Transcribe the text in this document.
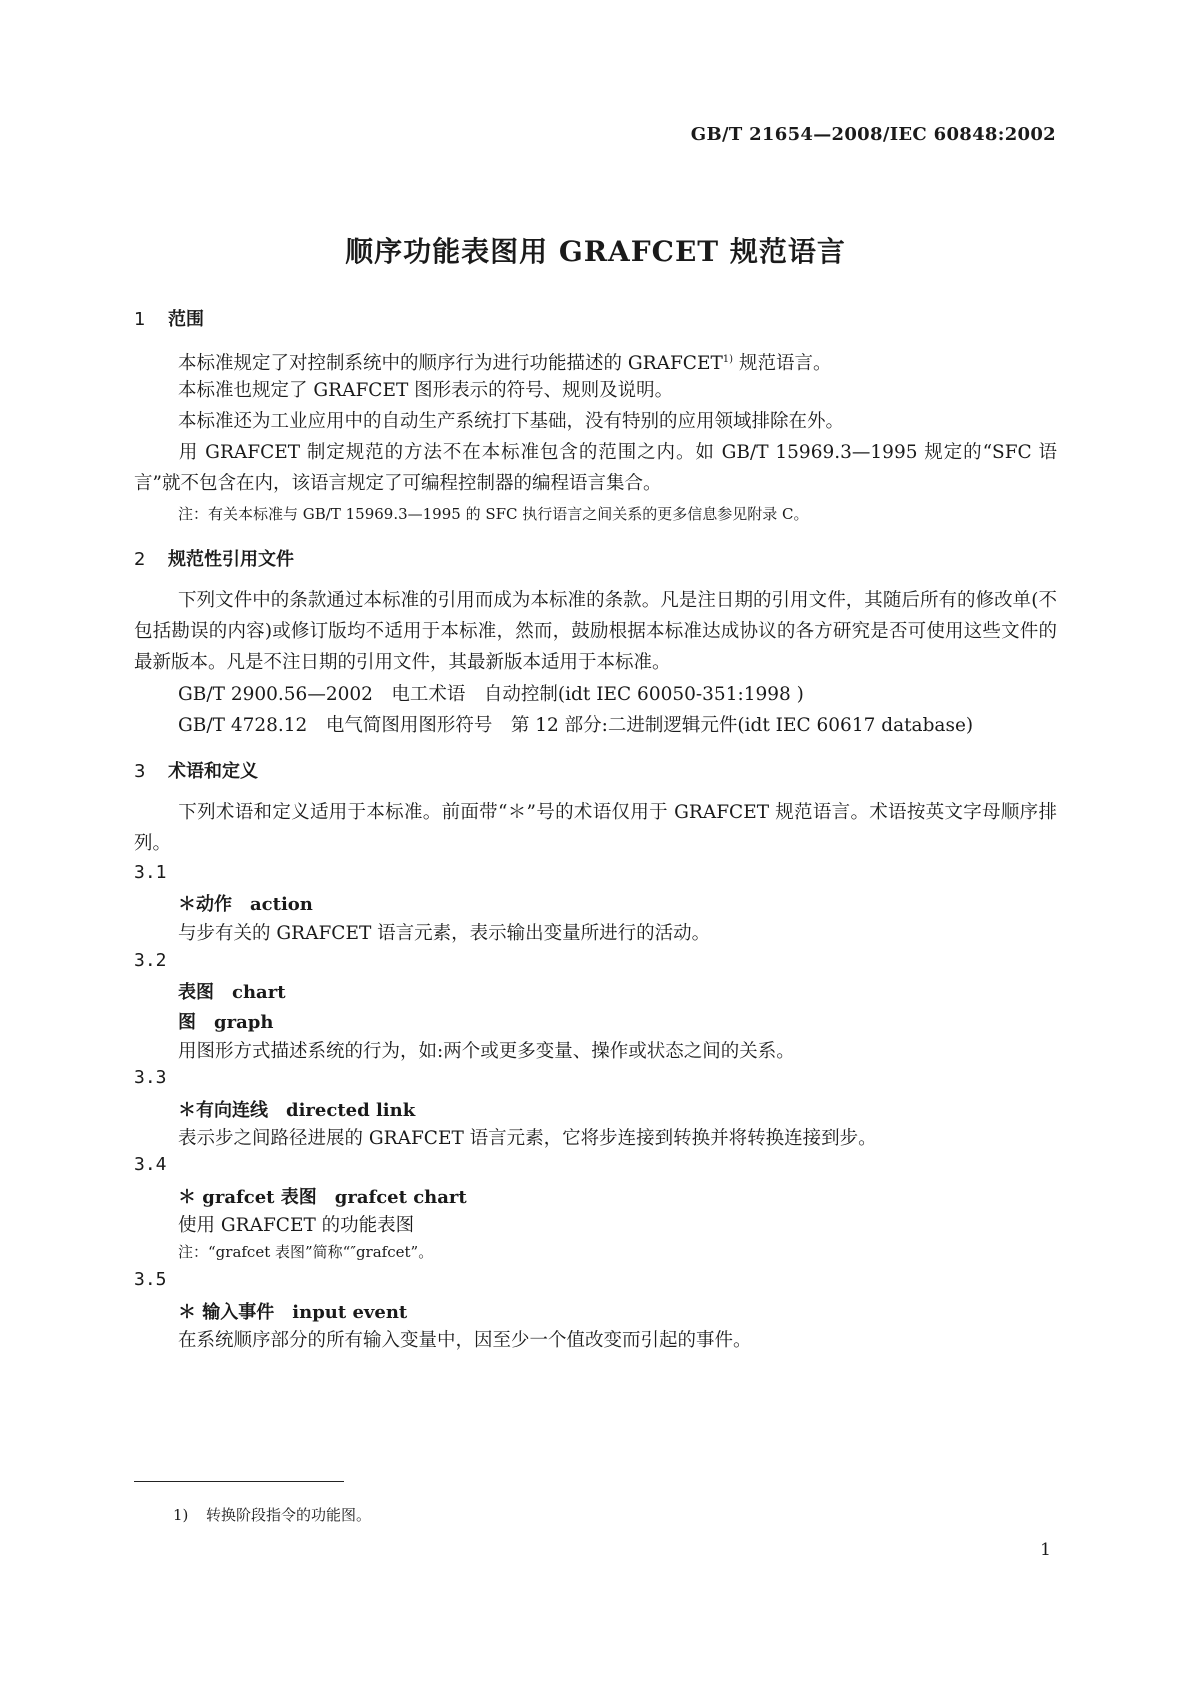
GB/T 21654—2008/IEC 60848:2002
顺序功能表图用 GRAFCET 规范语言
1 范围
本标准规定了对控制系统中的顺序行为进行功能描述的 GRAFCET$^{1)}$ 规范语言。
本标准也规定了 GRAFCET 图形表示的符号、规则及说明。
本标准还为工业应用中的自动生产系统打下基础，没有特别的应用领域排除在外。
用 GRAFCET 制定规范的方法不在本标准包含的范围之内。如 GB/T 15969.3—1995 规定的“SFC 语言”就不包含在内，该语言规定了可编程控制器的编程语言集合。
注：有关本标准与 GB/T 15969.3—1995 的 SFC 执行语言之间关系的更多信息参见附录 C。
2 规范性引用文件
下列文件中的条款通过本标准的引用而成为本标准的条款。凡是注日期的引用文件，其随后所有的修改单(不包括勘误的内容)或修订版均不适用于本标准，然而，鼓励根据本标准达成协议的各方研究是否可使用这些文件的最新版本。凡是不注日期的引用文件，其最新版本适用于本标准。
GB/T 2900.56—2002　电工术语　自动控制(idt IEC 60050-351:1998 )
GB/T 4728.12　电气简图用图形符号　第 12 部分:二进制逻辑元件(idt IEC 60617 database)
3 术语和定义
下列术语和定义适用于本标准。前面带“＊”号的术语仅用于 GRAFCET 规范语言。术语按英文字母顺序排列。
3.1
＊动作 action
与步有关的 GRAFCET 语言元素，表示输出变量所进行的活动。
3.2
表图 chart
图 graph
用图形方式描述系统的行为，如:两个或更多变量、操作或状态之间的关系。
3.3
＊有向连线 directed link
表示步之间路径进展的 GRAFCET 语言元素，它将步连接到转换并将转换连接到步。
3.4
＊ grafcet 表图 grafcet chart
使用 GRAFCET 的功能表图
注：“grafcet 表图”简称“″grafcet”。
3.5
＊ 输入事件 input event
在系统顺序部分的所有输入变量中，因至少一个值改变而引起的事件。
1) 转换阶段指令的功能图。
1
